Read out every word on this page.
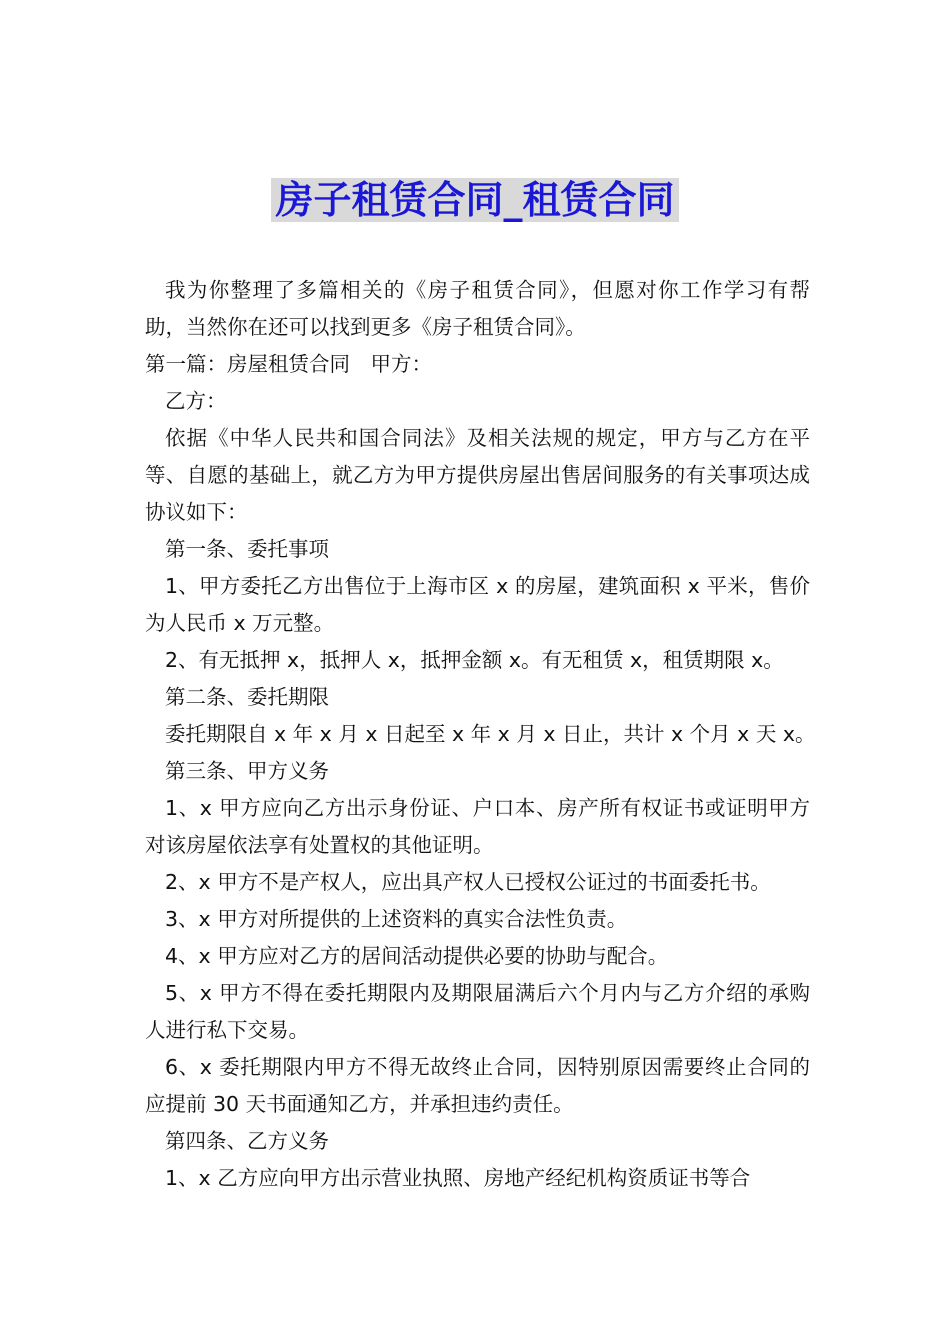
房子租赁合同_租赁合同

我为你整理了多篇相关的《房子租赁合同》，但愿对你工作学习有帮助，当然你在还可以找到更多《房子租赁合同》。

第一篇：房屋租赁合同　甲方：

乙方：

依据《中华人民共和国合同法》及相关法规的规定，甲方与乙方在平等、自愿的基础上，就乙方为甲方提供房屋出售居间服务的有关事项达成协议如下：

第一条、委托事项

1、甲方委托乙方出售位于上海市区 x 的房屋，建筑面积 x 平米，售价为人民币 x 万元整。

2、有无抵押 x，抵押人 x，抵押金额 x。有无租赁 x，租赁期限 x。

第二条、委托期限

委托期限自 x 年 x 月 x 日起至 x 年 x 月 x 日止，共计 x 个月 x 天 x。

第三条、甲方义务

1、x 甲方应向乙方出示身份证、户口本、房产所有权证书或证明甲方对该房屋依法享有处置权的其他证明。

2、x 甲方不是产权人，应出具产权人已授权公证过的书面委托书。

3、x 甲方对所提供的上述资料的真实合法性负责。

4、x 甲方应对乙方的居间活动提供必要的协助与配合。

5、x 甲方不得在委托期限内及期限届满后六个月内与乙方介绍的承购人进行私下交易。

6、x 委托期限内甲方不得无故终止合同，因特别原因需要终止合同的应提前 30 天书面通知乙方，并承担违约责任。

第四条、乙方义务

1、x 乙方应向甲方出示营业执照、房地产经纪机构资质证书等合
